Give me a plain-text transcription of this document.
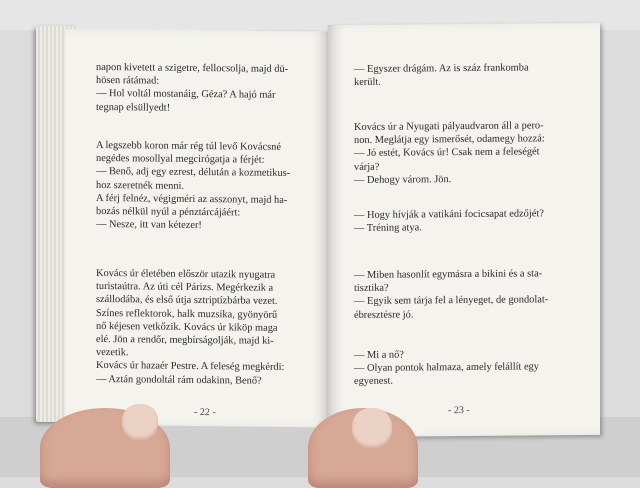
napon kivetett a szigetre, fellocsolja, majd dü-
hösen rátámad:
— Hol voltál mostanáig, Géza? A hajó már
tegnap elsüllyedt!
A legszebb koron már rég túl levő Kovácsné
negédes mosollyal megcirógatja a férjét:
— Benő, adj egy ezrest, délután a kozmetikus-
hoz szeretnék menni.
A férj felnéz, végigméri az asszonyt, majd ha-
bozás nélkül nyúl a pénztárcájáért:
— Nesze, itt van kétezer!
Kovács úr életében először utazik nyugatra
turistaútra. Az úti cél Párizs. Megérkezik a
szállodába, és első útja sztriptízbárba vezet.
Színes reflektorok, halk muzsika, gyönyörű
nő kéjesen vetkőzik. Kovács úr kiköp maga
elé. Jön a rendőr, megbírságolják, majd ki-
vezetik.
Kovács úr hazaér Pestre. A feleség megkérdi:
— Aztán gondoltál rám odakinn, Benő?
- 22 -
— Egyszer drágám. Az is száz frankomba
került.
Kovács úr a Nyugati pályaudvaron áll a pero-
non. Meglátja egy ismerősét, odamegy hozzá:
— Jó estét, Kovács úr! Csak nem a feleségét
várja?
— Dehogy várom. Jön.
— Hogy hívják a vatikáni focicsapat edzőjét?
— Tréning atya.
— Miben hasonlít egymásra a bikini és a sta-
tisztika?
— Egyik sem tárja fel a lényeget, de gondolat-
ébresztésre jó.
— Mi a nő?
— Olyan pontok halmaza, amely felállít egy
egyenest.
- 23 -
